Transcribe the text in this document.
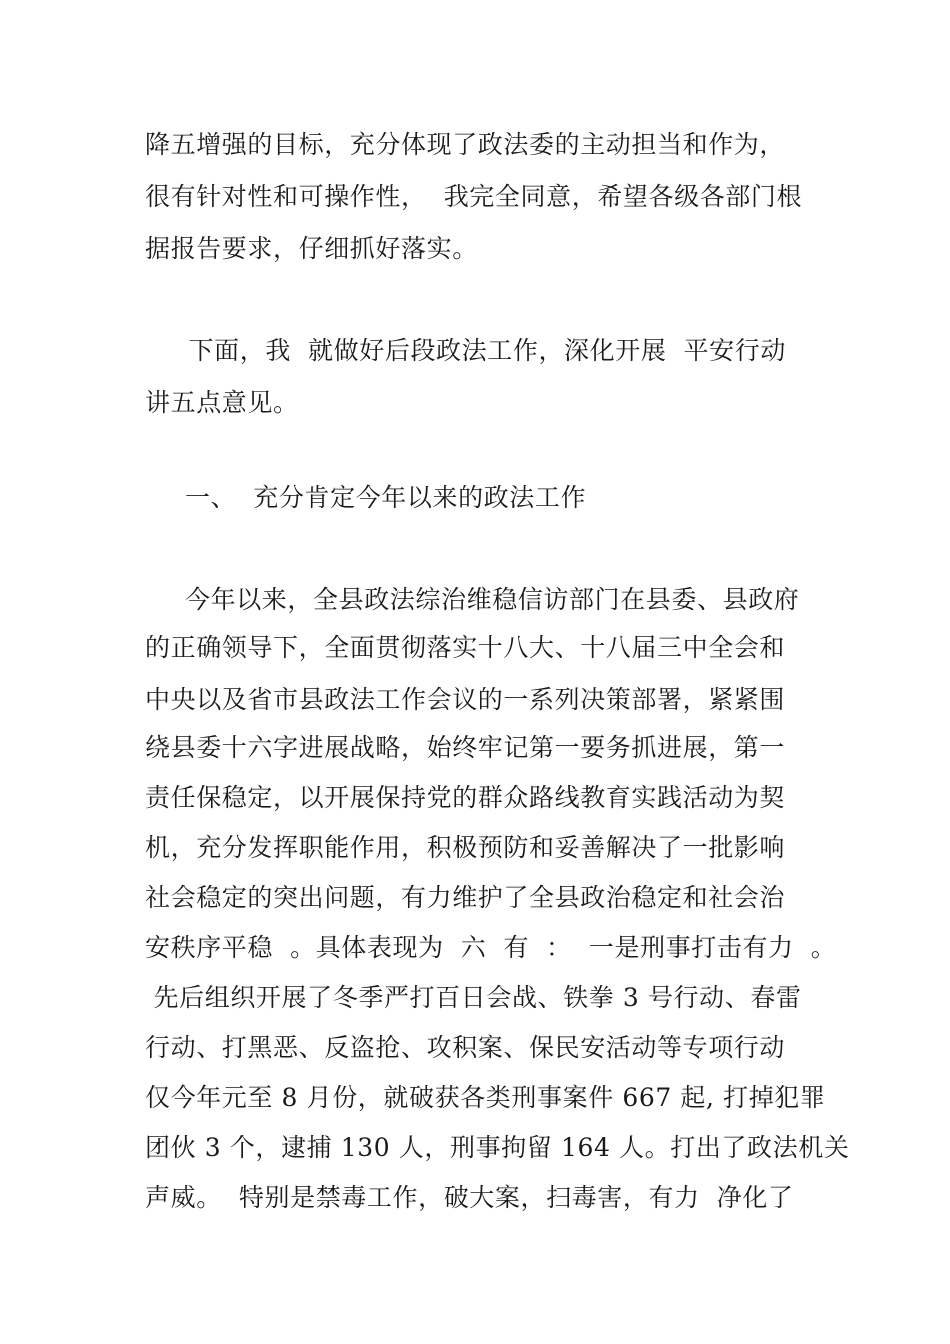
降五增强的目标，充分体现了政法委的主动担当和作为，
很有针对性和可操作性，  我完全同意，希望各级各部门根
据报告要求，仔细抓好落实。
下面，我  就做好后段政法工作，深化开展  平安行动
讲五点意见。
一、  充分肯定今年以来的政法工作
今年以来，全县政法综治维稳信访部门在县委、县政府
的正确领导下，全面贯彻落实十八大、十八届三中全会和
中央以及省市县政法工作会议的一系列决策部署，紧紧围
绕县委十六字进展战略，始终牢记第一要务抓进展，第一
责任保稳定，以开展保持党的群众路线教育实践活动为契
机，充分发挥职能作用，积极预防和妥善解决了一批影响
社会稳定的突出问题，有力维护了全县政治稳定和社会治
安秩序平稳  。具体表现为  六  有  ：  一是刑事打击有力  。
先后组织开展了冬季严打百日会战、铁拳 3 号行动、春雷
行动、打黑恶、反盗抢、攻积案、保民安活动等专项行动
仅今年元至 8 月份，就破获各类刑事案件 667 起, 打掉犯罪
团伙 3 个，逮捕 130 人，刑事拘留 164 人。打出了政法机关
声威。  特别是禁毒工作，破大案，扫毒害，有力  净化了
